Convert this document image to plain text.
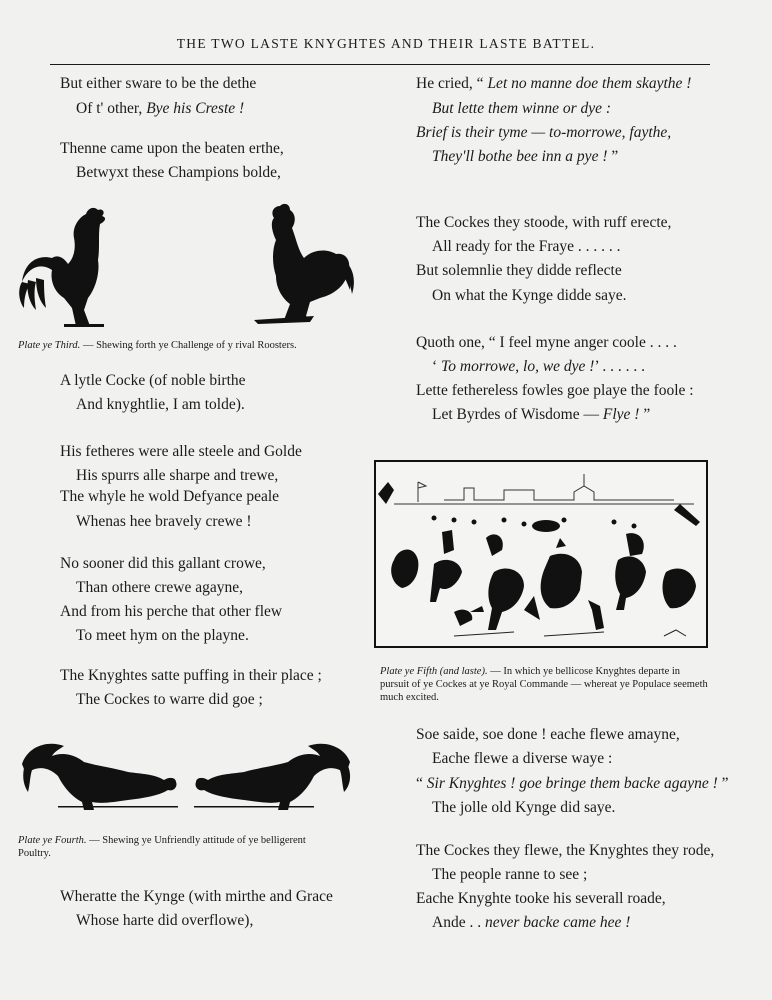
THE TWO LASTE KNYGHTES AND THEIR LASTE BATTEL.
But either sware to be the dethe
Of t' other, Bye his Creste !
Thenne came upon the beaten erthe,
Betwyxt these Champions bolde,
Plate ye Third. — Shewing forth ye Challenge of y rival Roosters.
A lytle Cocke (of noble birthe
And knyghtlie, I am tolde).
His fetheres were alle steele and Golde
His spurrs alle sharpe and trewe,
The whyle he wold Defyance peale
Whenas hee bravely crewe !
No sooner did this gallant crowe,
Than othere crewe agayne,
And from his perche that other flew
To meet hym on the playne.
The Knyghtes satte puffing in their place ;
The Cockes to warre did goe ;
Plate ye Fourth. — Shewing ye Unfriendly attitude of ye belligerent
Poultry.
Wheratte the Kynge (with mirthe and Grace
Whose harte did overflowe),
He cried, “ Let no manne doe them skaythe !
But lette them winne or dye :
Brief is their tyme — to-morrowe, faythe,
They'll bothe bee inn a pye ! ”
The Cockes they stoode, with ruff erecte,
All ready for the Fraye . . . . . .
But solemnlie they didde reflecte
On what the Kynge didde saye.
Quoth one, “ I feel myne anger coole . . . .
‘ To morrowe, lo, we dye !’ . . . . . .
Lette fethereless fowles goe playe the foole :
Let Byrdes of Wisdome — Flye ! ”
Plate ye Fifth (and laste). — In which ye bellicose Knyghtes departe in
pursuit of ye Cockes at ye Royal Commande — whereat ye Populace seemeth
much excited.
Soe saide, soe done ! eache flewe amayne,
Eache flewe a diverse waye :
“ Sir Knyghtes ! goe bringe them backe agayne ! ”
The jolle old Kynge did saye.
The Cockes they flewe, the Knyghtes they rode,
The people ranne to see ;
Eache Knyghte tooke his severall roade,
Ande . . never backe came hee !
